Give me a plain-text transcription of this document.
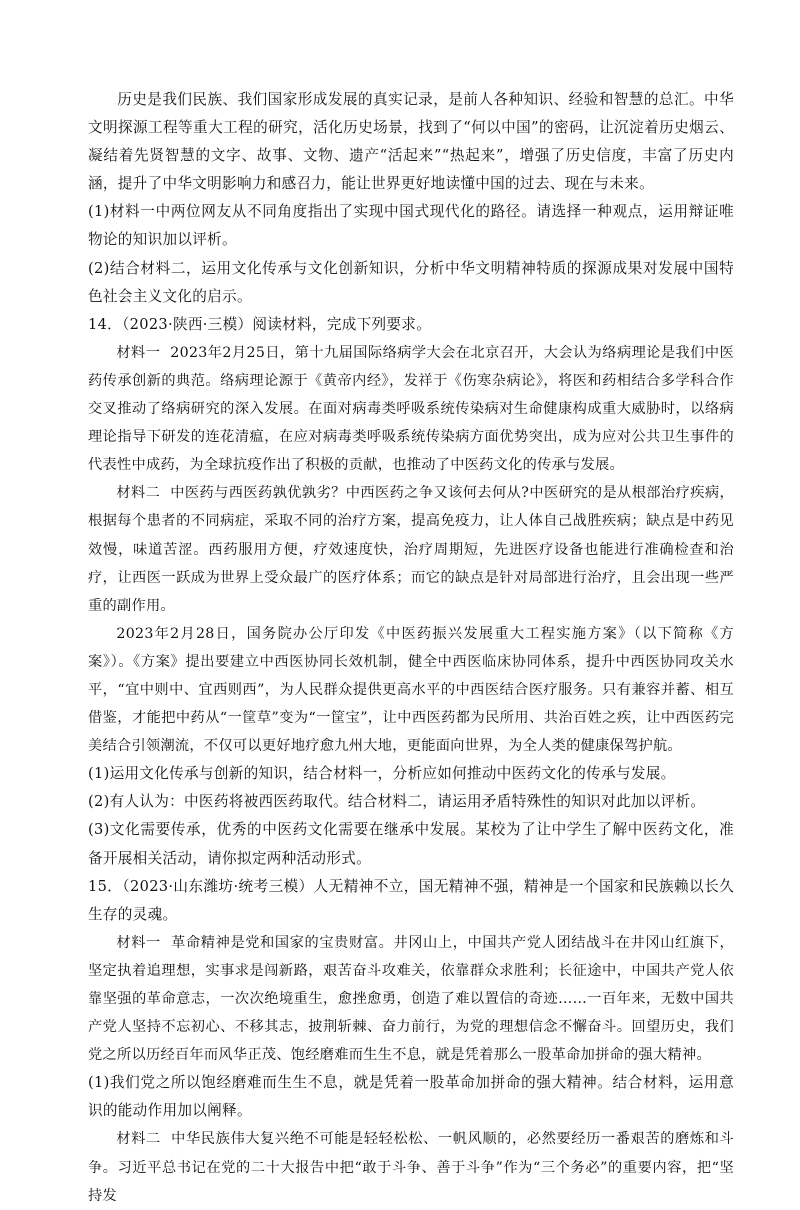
历史是我们民族、我们国家形成发展的真实记录，是前人各种知识、经验和智慧的总汇。中华文明探源工程等重大工程的研究，活化历史场景，找到了“何以中国”的密码，让沉淀着历史烟云、凝结着先贤智慧的文字、故事、文物、遗产“活起来”“热起来”，增强了历史信度，丰富了历史内涵，提升了中华文明影响力和感召力，能让世界更好地读懂中国的过去、现在与未来。

(1)材料一中两位网友从不同角度指出了实现中国式现代化的路径。请选择一种观点，运用辩证唯物论的知识加以评析。

(2)结合材料二，运用文化传承与文化创新知识，分析中华文明精神特质的探源成果对发展中国特色社会主义文化的启示。

14．（2023·陕西·三模）阅读材料，完成下列要求。

材料一 2023年2月25日，第十九届国际络病学大会在北京召开，大会认为络病理论是我们中医药传承创新的典范。络病理论源于《黄帝内经》，发祥于《伤寒杂病论》，将医和药相结合多学科合作交叉推动了络病研究的深入发展。在面对病毒类呼吸系统传染病对生命健康构成重大威胁时，以络病理论指导下研发的连花清瘟，在应对病毒类呼吸系统传染病方面优势突出，成为应对公共卫生事件的代表性中成药，为全球抗疫作出了积极的贡献，也推动了中医药文化的传承与发展。

材料二 中医药与西医药孰优孰劣？中西医药之争又该何去何从?中医研究的是从根部治疗疾病，根据每个患者的不同病症，采取不同的治疗方案，提高免疫力，让人体自己战胜疾病；缺点是中药见效慢，味道苦涩。西药服用方便，疗效速度快，治疗周期短，先进医疗设备也能进行准确检查和治疗，让西医一跃成为世界上受众最广的医疗体系；而它的缺点是针对局部进行治疗，且会出现一些严重的副作用。

2023年2月28日，国务院办公厅印发《中医药振兴发展重大工程实施方案》（以下简称《方案》）。《方案》提出要建立中西医协同长效机制，健全中西医临床协同体系，提升中西医协同攻关水平，“宜中则中、宜西则西”，为人民群众提供更高水平的中西医结合医疗服务。只有兼容并蓄、相互借鉴，才能把中药从“一筐草”变为“一筐宝”，让中西医药都为民所用、共治百姓之疾，让中西医药完美结合引领潮流，不仅可以更好地疗愈九州大地，更能面向世界，为全人类的健康保驾护航。

(1)运用文化传承与创新的知识，结合材料一，分析应如何推动中医药文化的传承与发展。

(2)有人认为：中医药将被西医药取代。结合材料二，请运用矛盾特殊性的知识对此加以评析。

(3)文化需要传承，优秀的中医药文化需要在继承中发展。某校为了让中学生了解中医药文化，准备开展相关活动，请你拟定两种活动形式。

15．（2023·山东潍坊·统考三模）人无精神不立，国无精神不强，精神是一个国家和民族赖以长久生存的灵魂。

材料一 革命精神是党和国家的宝贵财富。井冈山上，中国共产党人团结战斗在井冈山红旗下，坚定执着追理想，实事求是闯新路，艰苦奋斗攻难关，依靠群众求胜利；长征途中，中国共产党人依靠坚强的革命意志，一次次绝境重生，愈挫愈勇，创造了难以置信的奇迹……一百年来，无数中国共产党人坚持不忘初心、不移其志，披荆斩棘、奋力前行，为党的理想信念不懈奋斗。回望历史，我们党之所以历经百年而风华正茂、饱经磨难而生生不息，就是凭着那么一股革命加拼命的强大精神。

(1)我们党之所以饱经磨难而生生不息，就是凭着一股革命加拼命的强大精神。结合材料，运用意识的能动作用加以阐释。

材料二 中华民族伟大复兴绝不可能是轻轻松松、一帆风顺的，必然要经历一番艰苦的磨炼和斗争。习近平总书记在党的二十大报告中把“敢于斗争、善于斗争”作为“三个务必”的重要内容，把“坚持发
